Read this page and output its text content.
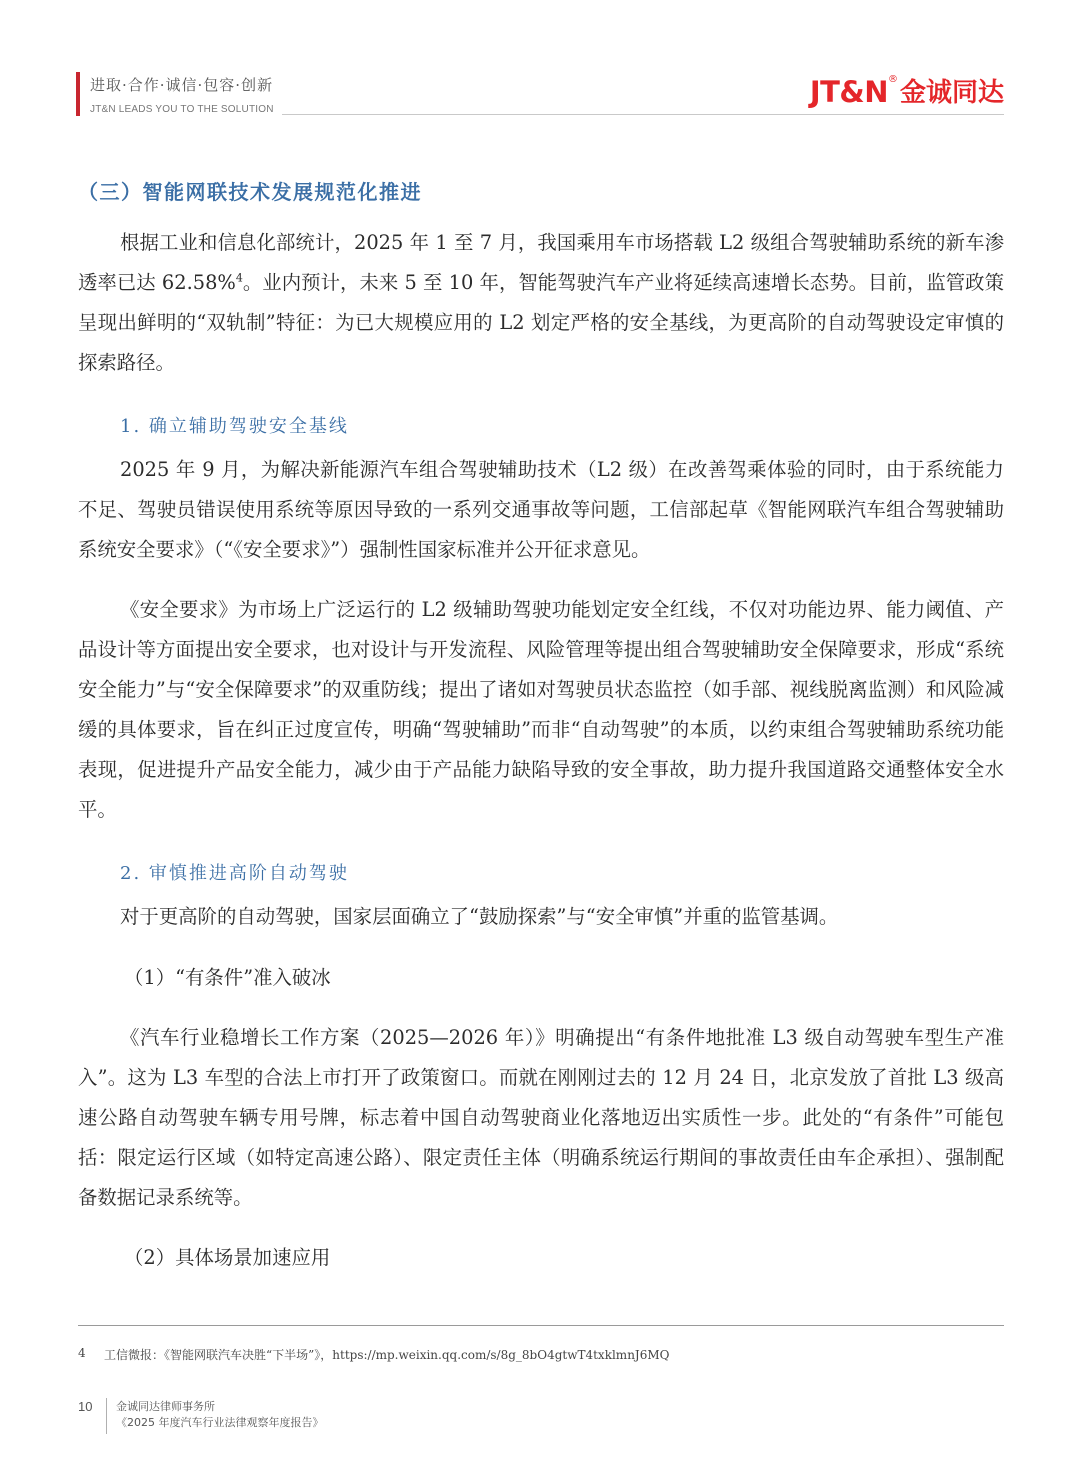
进取·合作·诚信·包容·创新
JT&N LEADS YOU TO THE SOLUTION
JT&N ® 金诚同达
（三）智能网联技术发展规范化推进

根据工业和信息化部统计，2025 年 1 至 7 月，我国乘用车市场搭载 L2 级组合驾驶辅助系统的新车渗透率已达 62.58%$^4$。业内预计，未来 5 至 10 年，智能驾驶汽车产业将延续高速增长态势。目前，监管政策呈现出鲜明的“双轨制”特征：为已大规模应用的 L2 划定严格的安全基线，为更高阶的自动驾驶设定审慎的探索路径。

1. 确立辅助驾驶安全基线

2025 年 9 月，为解决新能源汽车组合驾驶辅助技术（L2 级）在改善驾乘体验的同时，由于系统能力不足、驾驶员错误使用系统等原因导致的一系列交通事故等问题，工信部起草《智能网联汽车组合驾驶辅助系统安全要求》（“《安全要求》”）强制性国家标准并公开征求意见。

《安全要求》为市场上广泛运行的 L2 级辅助驾驶功能划定安全红线，不仅对功能边界、能力阈值、产品设计等方面提出安全要求，也对设计与开发流程、风险管理等提出组合驾驶辅助安全保障要求，形成“系统安全能力”与“安全保障要求”的双重防线；提出了诸如对驾驶员状态监控（如手部、视线脱离监测）和风险减缓的具体要求，旨在纠正过度宣传，明确“驾驶辅助”而非“自动驾驶”的本质，以约束组合驾驶辅助系统功能表现，促进提升产品安全能力，减少由于产品能力缺陷导致的安全事故，助力提升我国道路交通整体安全水平。

2. 审慎推进高阶自动驾驶

对于更高阶的自动驾驶，国家层面确立了“鼓励探索”与“安全审慎”并重的监管基调。

（1）“有条件”准入破冰

《汽车行业稳增长工作方案（2025—2026 年）》明确提出“有条件地批准 L3 级自动驾驶车型生产准入”。这为 L3 车型的合法上市打开了政策窗口。而就在刚刚过去的 12 月 24 日，北京发放了首批 L3 级高速公路自动驾驶车辆专用号牌，标志着中国自动驾驶商业化落地迈出实质性一步。此处的“有条件”可能包括：限定运行区域（如特定高速公路）、限定责任主体（明确系统运行期间的事故责任由车企承担）、强制配备数据记录系统等。

（2）具体场景加速应用
4 工信微报：《智能网联汽车决胜“下半场”》，https://mp.weixin.qq.com/s/8g_8bO4gtwT4txklmnJ6MQ
10 金诚同达律师事务所
《2025 年度汽车行业法律观察年度报告》
